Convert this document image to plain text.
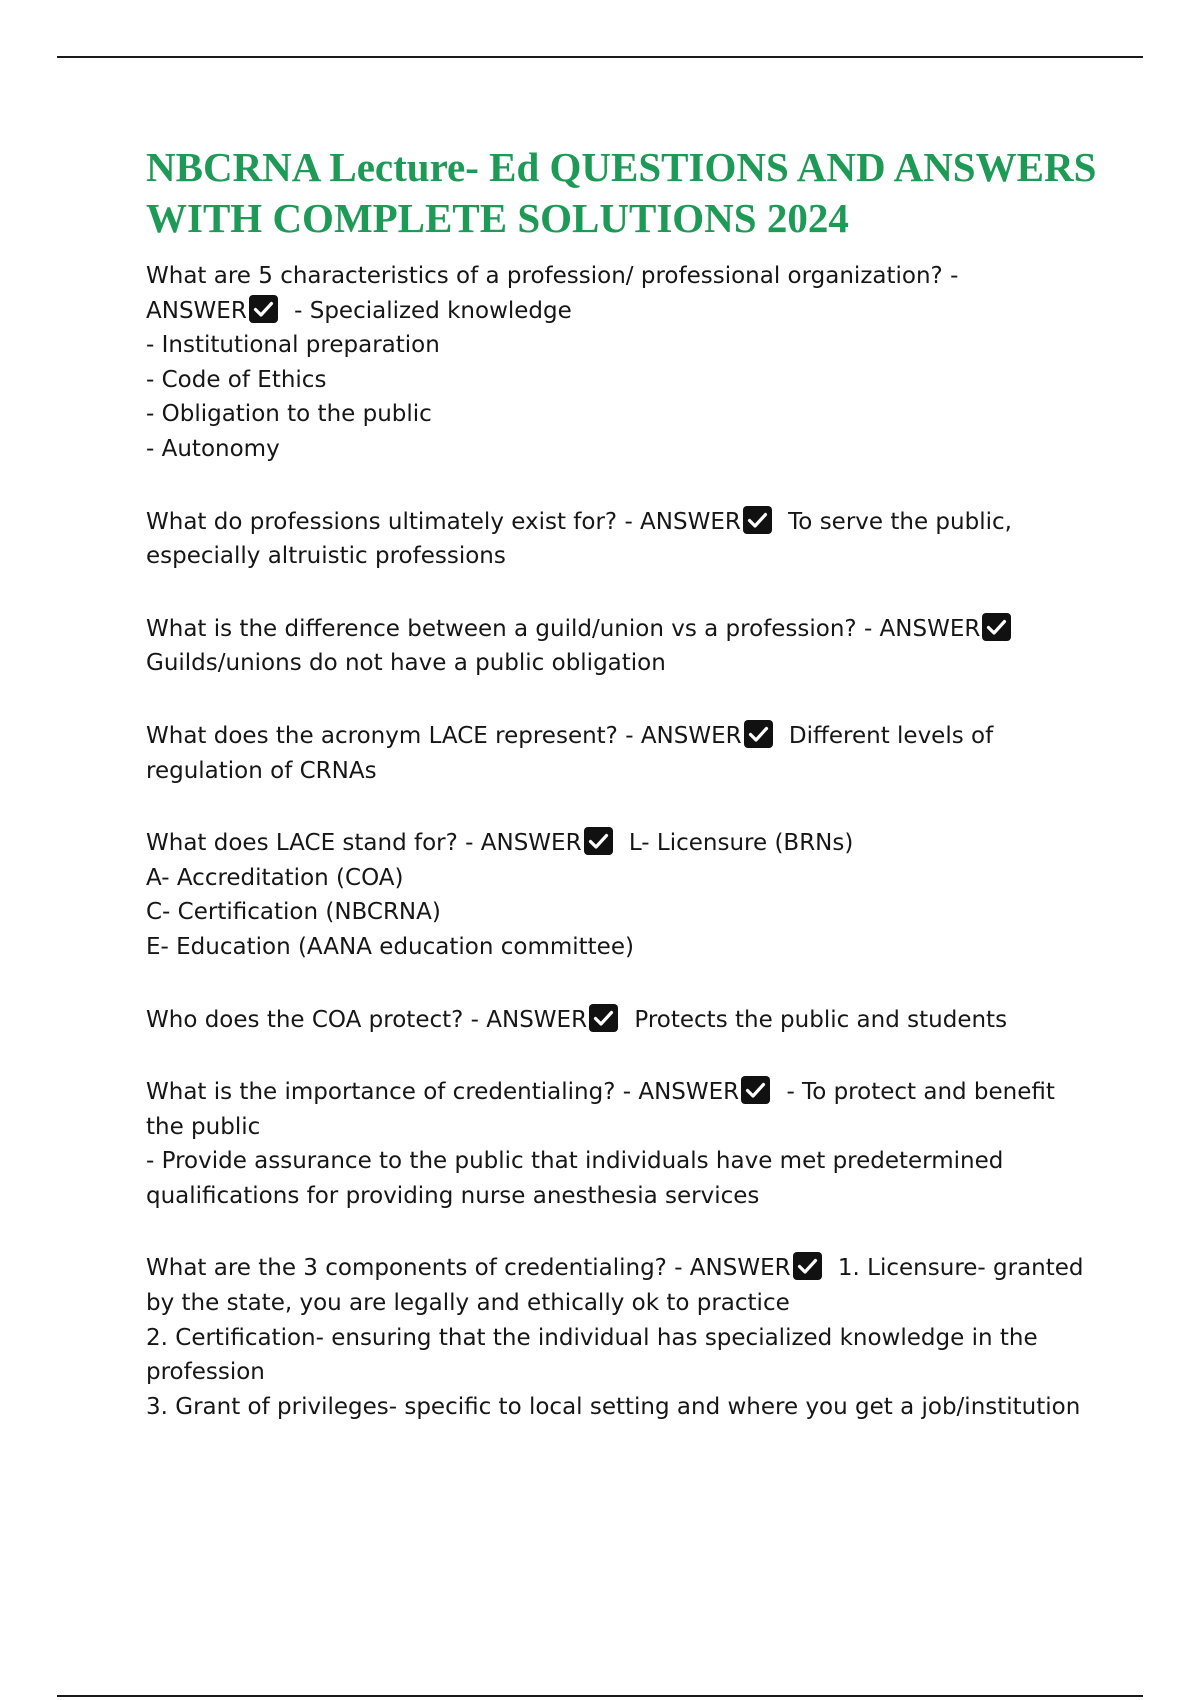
NBCRNA Lecture- Ed QUESTIONS AND ANSWERS
WITH COMPLETE SOLUTIONS 2024
What are 5 characteristics of a profession/ professional organization? -
ANSWER
- Specialized knowledge
- Institutional preparation
- Code of Ethics
- Obligation to the public
- Autonomy
What do professions ultimately exist for? - ANSWER
To serve the public,
especially altruistic professions
What is the difference between a guild/union vs a profession? - ANSWER
Guilds/unions do not have a public obligation
What does the acronym LACE represent? - ANSWER
Different levels of
regulation of CRNAs
What does LACE stand for? - ANSWER
L- Licensure (BRNs)
A- Accreditation (COA)
C- Certification (NBCRNA)
E- Education (AANA education committee)
Who does the COA protect? - ANSWER
Protects the public and students
What is the importance of credentialing? - ANSWER
- To protect and benefit
the public
- Provide assurance to the public that individuals have met predetermined
qualifications for providing nurse anesthesia services
What are the 3 components of credentialing? - ANSWER
1. Licensure- granted
by the state, you are legally and ethically ok to practice
2. Certification- ensuring that the individual has specialized knowledge in the
profession
3. Grant of privileges- specific to local setting and where you get a job/institution
